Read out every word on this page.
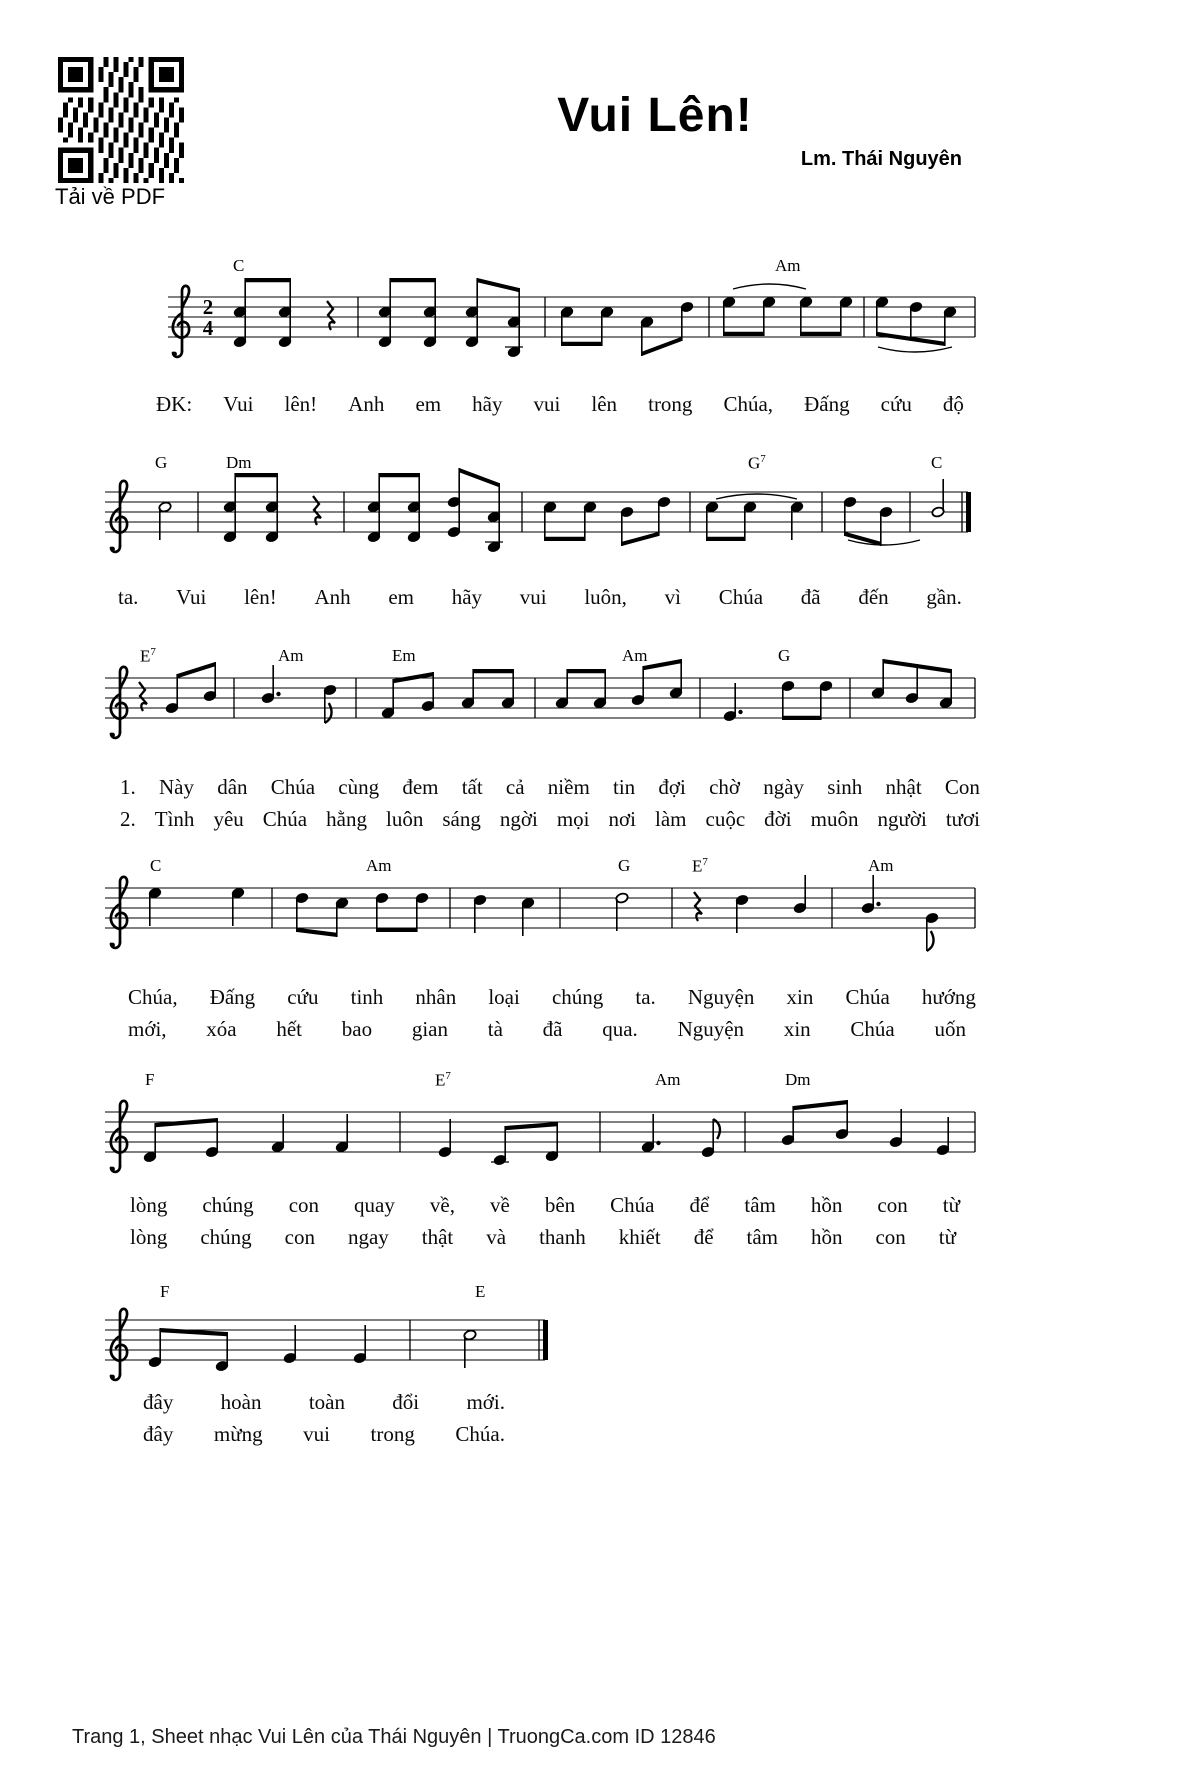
Tải về PDF
Vui Lên!
Lm. Thái Nguyên
2
4
C	Am
ĐK: Vui lên! Anh em hãy vui lên trong Chúa, Đấng cứu độ
G	Dm	$G^7$	C
ta. Vui lên! Anh em hãy vui luôn, vì Chúa đã đến gần.
$E^7$	Am	Em	Am	G
1. Này dân Chúa cùng đem tất cả niềm tin đợi chờ ngày sinh nhật Con
2. Tình yêu Chúa hằng luôn sáng ngời mọi nơi làm cuộc đời muôn người tươi
C	Am	G	$E^7$	Am
Chúa, Đấng cứu tinh nhân loại chúng ta. Nguyện xin Chúa hướng
mới, xóa hết bao gian tà đã qua. Nguyện xin Chúa uốn
F	$E^7$	Am	Dm
lòng chúng con quay về, về bên Chúa để tâm hồn con từ
lòng chúng con ngay thật và thanh khiết để tâm hồn con từ
F	E
đây hoàn toàn đổi mới.
đây mừng vui trong Chúa.
Trang 1, Sheet nhạc Vui Lên của Thái Nguyên | TruongCa.com ID 12846
